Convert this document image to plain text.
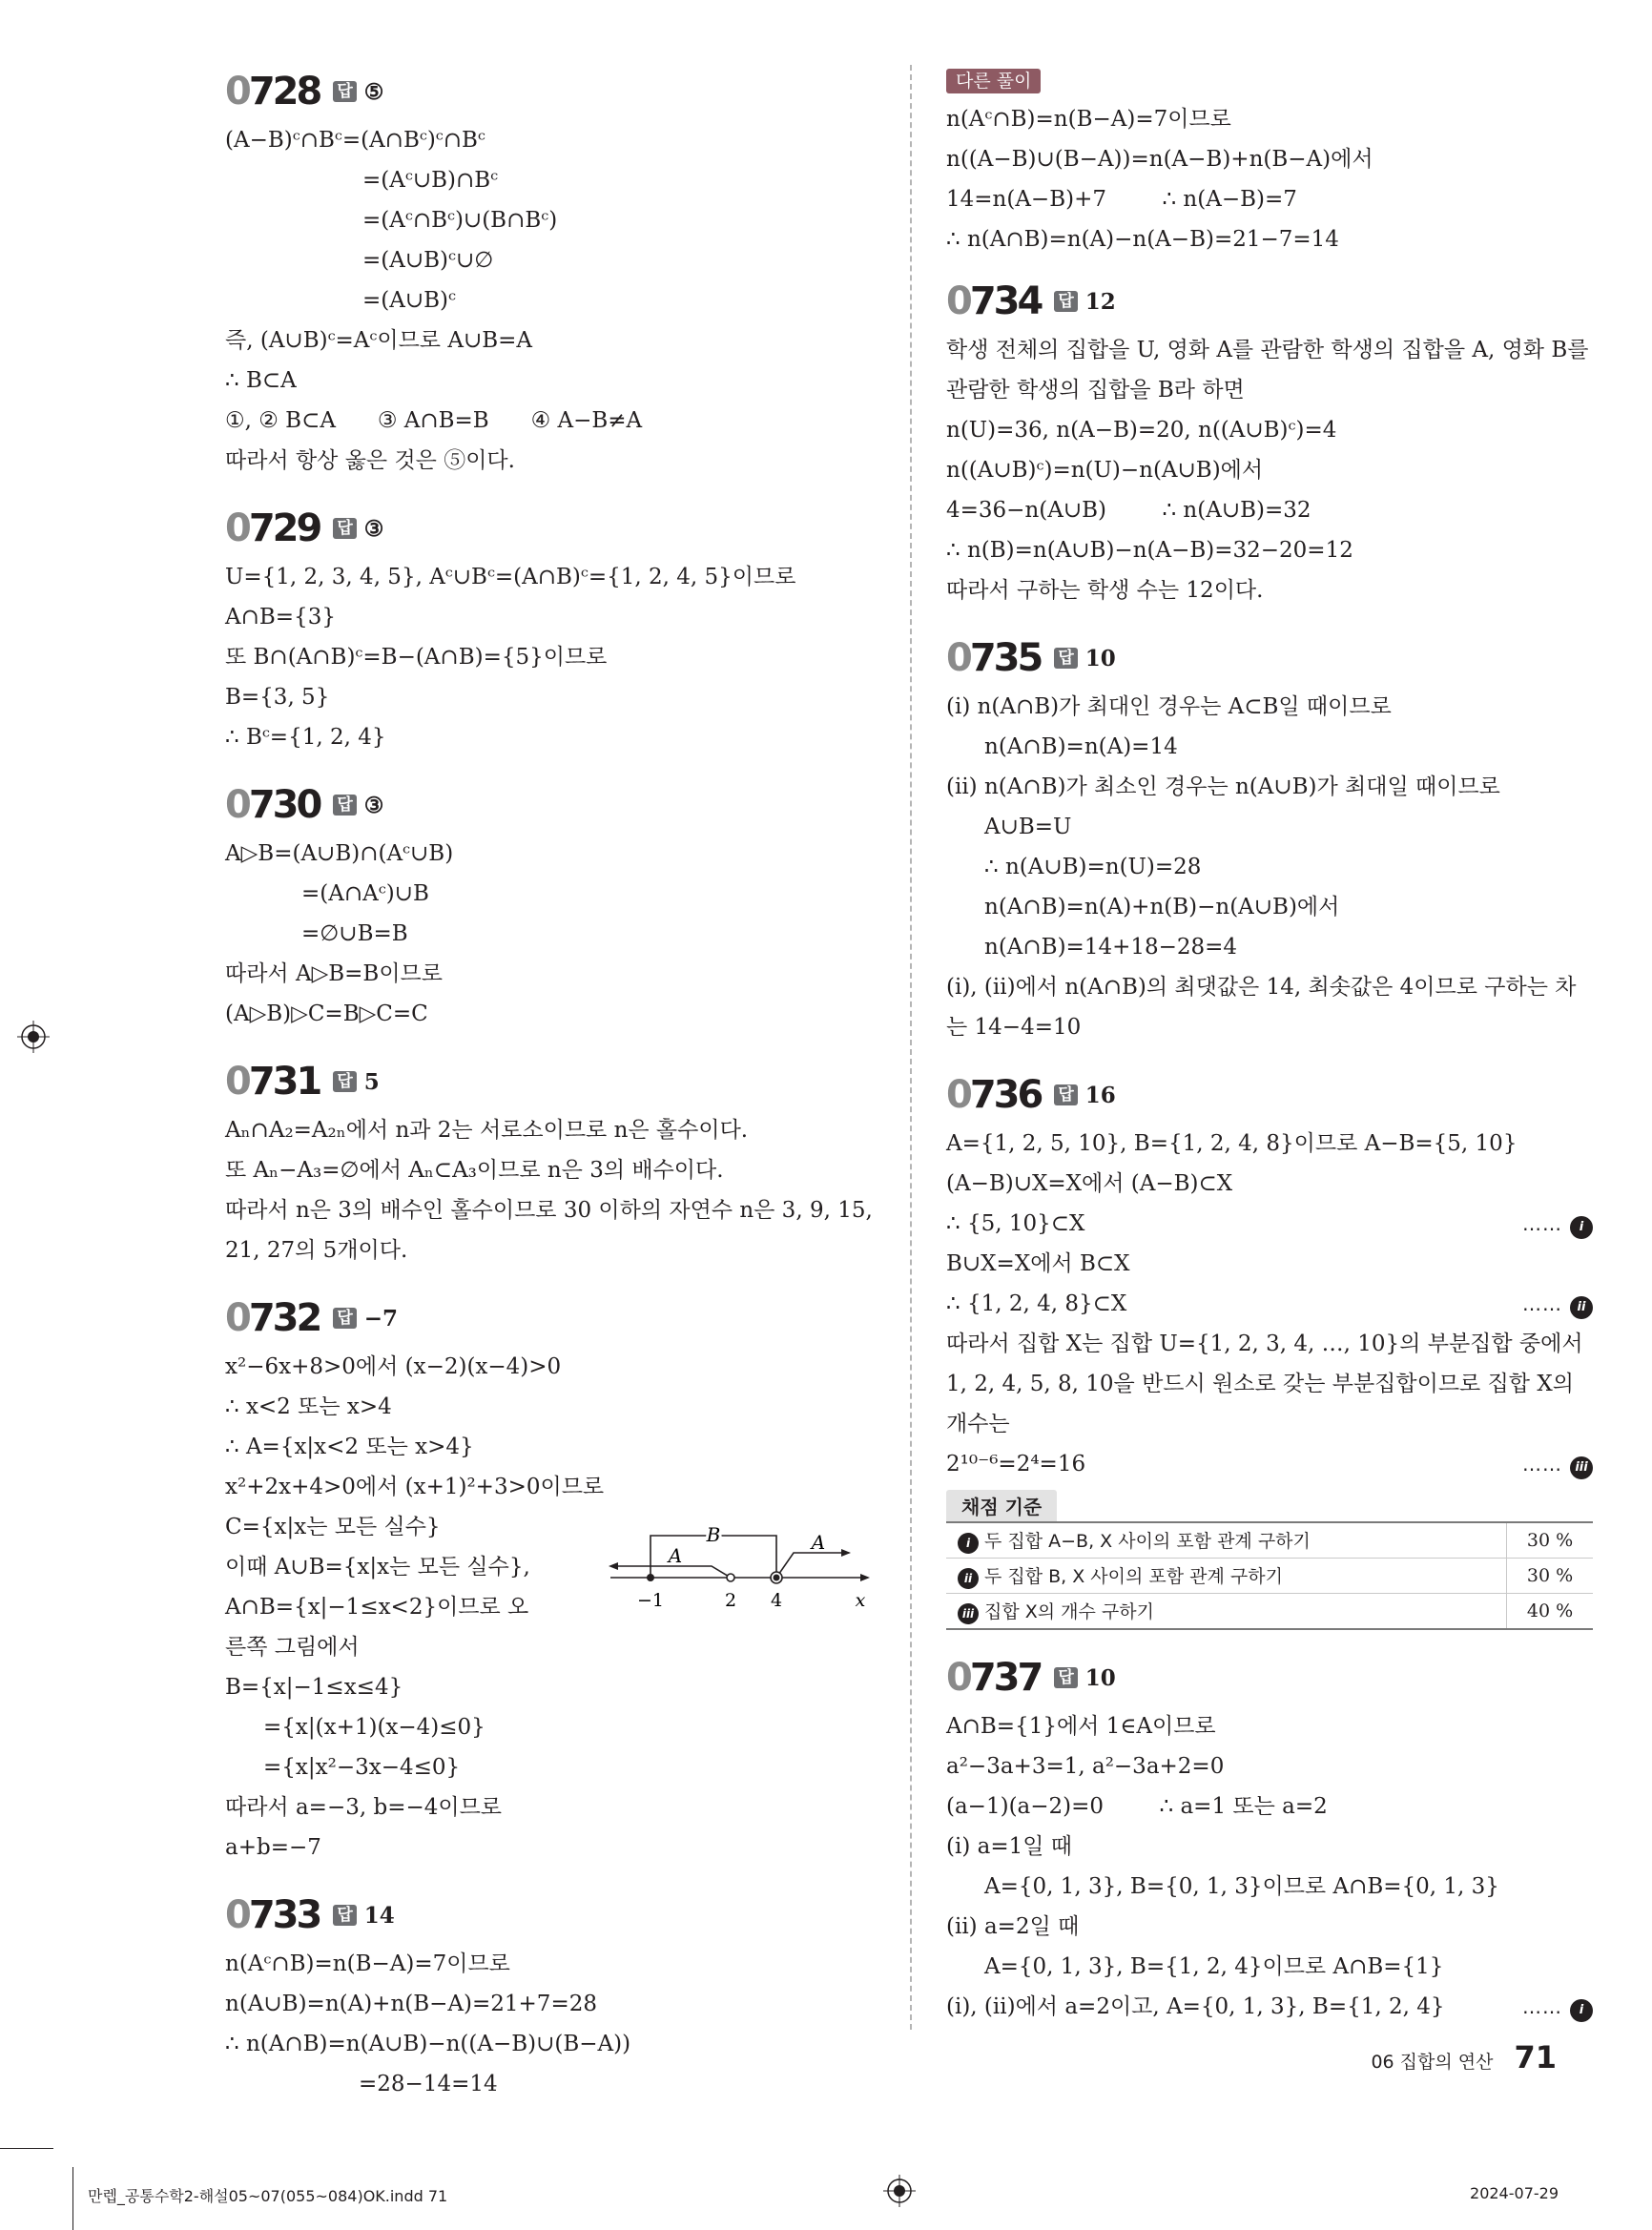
0728 답 ⑤
(A−B)ᶜ∩Bᶜ=(A∩Bᶜ)ᶜ∩Bᶜ
=(Aᶜ∪B)∩Bᶜ
=(Aᶜ∩Bᶜ)∪(B∩Bᶜ)
=(A∪B)ᶜ∪∅
=(A∪B)ᶜ
즉, (A∪B)ᶜ=Aᶜ이므로 A∪B=A
∴ B⊂A
①, ② B⊂A      ③ A∩B=B      ④ A−B≠A
따라서 항상 옳은 것은 ⑤이다.
0729 답 ③
U={1, 2, 3, 4, 5}, Aᶜ∪Bᶜ=(A∩B)ᶜ={1, 2, 4, 5}이므로
A∩B={3}
또 B∩(A∩B)ᶜ=B−(A∩B)={5}이므로
B={3, 5}
∴ Bᶜ={1, 2, 4}
0730 답 ③
A▷B=(A∪B)∩(Aᶜ∪B)
=(A∩Aᶜ)∪B
=∅∪B=B
따라서 A▷B=B이므로
(A▷B)▷C=B▷C=C
0731 답 5
Aₙ∩A₂=A₂ₙ에서 n과 2는 서로소이므로 n은 홀수이다.
또 Aₙ−A₃=∅에서 Aₙ⊂A₃이므로 n은 3의 배수이다.
따라서 n은 3의 배수인 홀수이므로 30 이하의 자연수 n은 3, 9, 15, 21, 27의 5개이다.
0732 답 −7
x²−6x+8>0에서 (x−2)(x−4)>0
∴ x<2 또는 x>4
∴ A={x|x<2 또는 x>4}
x²+2x+4>0에서 (x+1)²+3>0이므로
C={x|x는 모든 실수}
이때 A∪B={x|x는 모든 실수},
A∩B={x|−1≤x<2}이므로 오
른쪽 그림에서
B={x|−1≤x≤4}
={x|(x+1)(x−4)≤0}
={x|x²−3x−4≤0}
따라서 a=−3, b=−4이므로
a+b=−7
B
A
A
−1	2 4	x
0733 답 14
n(Aᶜ∩B)=n(B−A)=7이므로
n(A∪B)=n(A)+n(B−A)=21+7=28
∴ n(A∩B)=n(A∪B)−n((A−B)∪(B−A))
=28−14=14
다른 풀이
n(Aᶜ∩B)=n(B−A)=7이므로
n((A−B)∪(B−A))=n(A−B)+n(B−A)에서
14=n(A−B)+7        ∴ n(A−B)=7
∴ n(A∩B)=n(A)−n(A−B)=21−7=14
0734 답 12
학생 전체의 집합을 U, 영화 A를 관람한 학생의 집합을 A, 영화 B를 관람한 학생의 집합을 B라 하면
n(U)=36, n(A−B)=20, n((A∪B)ᶜ)=4
n((A∪B)ᶜ)=n(U)−n(A∪B)에서
4=36−n(A∪B)        ∴ n(A∪B)=32
∴ n(B)=n(A∪B)−n(A−B)=32−20=12
따라서 구하는 학생 수는 12이다.
0735 답 10
(ⅰ) n(A∩B)가 최대인 경우는 A⊂B일 때이므로
n(A∩B)=n(A)=14
(ⅱ) n(A∩B)가 최소인 경우는 n(A∪B)가 최대일 때이므로
A∪B=U
∴ n(A∪B)=n(U)=28
n(A∩B)=n(A)+n(B)−n(A∪B)에서
n(A∩B)=14+18−28=4
(ⅰ), (ⅱ)에서 n(A∩B)의 최댓값은 14, 최솟값은 4이므로 구하는 차는 14−4=10
0736 답 16
A={1, 2, 5, 10}, B={1, 2, 4, 8}이므로 A−B={5, 10}
(A−B)∪X=X에서 (A−B)⊂X
∴ {5, 10}⊂X	…… i
B∪X=X에서 B⊂X
∴ {1, 2, 4, 8}⊂X	…… ii
따라서 집합 X는 집합 U={1, 2, 3, 4, …, 10}의 부분집합 중에서 1, 2, 4, 5, 8, 10을 반드시 원소로 갖는 부분집합이므로 집합 X의 개수는
2¹⁰⁻⁶=2⁴=16	…… iii
채점 기준
i 두 집합 A−B, X 사이의 포함 관계 구하기	30 %
ii 두 집합 B, X 사이의 포함 관계 구하기	30 %
iii 집합 X의 개수 구하기	40 %
0737 답 10
A∩B={1}에서 1∈A이므로
a²−3a+3=1, a²−3a+2=0
(a−1)(a−2)=0        ∴ a=1 또는 a=2
(ⅰ) a=1일 때
A={0, 1, 3}, B={0, 1, 3}이므로 A∩B={0, 1, 3}
(ⅱ) a=2일 때
A={0, 1, 3}, B={1, 2, 4}이므로 A∩B={1}
(ⅰ), (ⅱ)에서 a=2이고, A={0, 1, 3}, B={1, 2, 4}	…… i
06 집합의 연산 71
만렙_공통수학2-해설05~07(055~084)OK.indd 71	2024-07-29
